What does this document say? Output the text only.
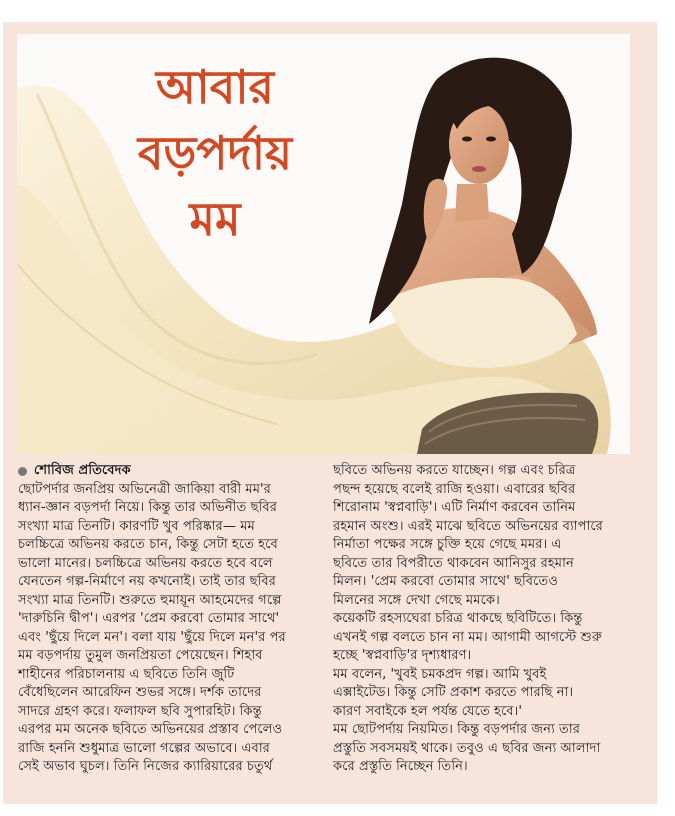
আবার
বড়পর্দায়
মম

শোবিজ প্রতিবেদক

ছোটপর্দার জনপ্রিয় অভিনেত্রী জাকিয়া বারী মম'র

ধ্যান-জ্ঞান বড়পর্দা নিয়ে। কিন্তু তার অভিনীত ছবির

সংখ্যা মাত্র তিনটি। কারণটি খুব পরিষ্কার— মম

চলচ্চিত্রে অভিনয় করতে চান, কিন্তু সেটা হতে হবে

ভালো মানের। চলচ্চিত্রে অভিনয় করতে হবে বলে

যেনতেন গল্প-নির্মাণে নয় কখনোই। তাই তার ছবির

সংখ্যা মাত্র তিনটি। শুরুতে হুমায়ূন আহমেদের গল্পে

'দারুচিনি দ্বীপ'। এরপর 'প্রেম করবো তোমার সাথে'

এবং 'ছুঁয়ে দিলে মন'। বলা যায় 'ছুঁয়ে দিলে মন'র পর

মম বড়পর্দায় তুমুল জনপ্রিয়তা পেয়েছেন। শিহাব

শাহীনের পরিচালনায় এ ছবিতে তিনি জুটি

বেঁধেছিলেন আরেফিন শুভর সঙ্গে। দর্শক তাদের

সাদরে গ্রহণ করে। ফলাফল ছবি সুপারহিট। কিন্তু

এরপর মম অনেক ছবিতে অভিনয়ের প্রস্তাব পেলেও

রাজি হননি শুধুমাত্র ভালো গল্পের অভাবে। এবার

সেই অভাব ঘুচল। তিনি নিজের ক্যারিয়ারের চতুর্থ

ছবিতে অভিনয় করতে যাচ্ছেন। গল্প এবং চরিত্র

পছন্দ হয়েছে বলেই রাজি হওয়া। এবারের ছবির

শিরোনাম 'স্বপ্নবাড়ি'। এটি নির্মাণ করবেন তানিম

রহমান অংশু। এরই মাঝে ছবিতে অভিনয়ের ব্যাপারে

নির্মাতা পক্ষের সঙ্গে চুক্তি হয়ে গেছে মমর। এ

ছবিতে তার বিপরীতে থাকবেন আনিসুর রহমান

মিলন। 'প্রেম করবো তোমার সাথে' ছবিতেও

মিলনের সঙ্গে দেখা গেছে মমকে।

কয়েকটি রহস্যঘেরা চরিত্র থাকছে ছবিটিতে। কিন্তু

এখনই গল্প বলতে চান না মম। আগামী আগস্টে শুরু

হচ্ছে 'স্বপ্নবাড়ি'র দৃশ্যধারণ।

মম বলেন, 'খুবই চমকপ্রদ গল্প। আমি খুবই

এক্সাইটেড। কিন্তু সেটি প্রকাশ করতে পারছি না।

কারণ সবাইকে হল পর্যন্ত যেতে হবে।'

মম ছোটপর্দায় নিয়মিত। কিন্তু বড়পর্দার জন্য তার

প্রস্তুতি সবসময়ই থাকে। তবুও এ ছবির জন্য আলাদা

করে প্রস্তুতি নিচ্ছেন তিনি।
